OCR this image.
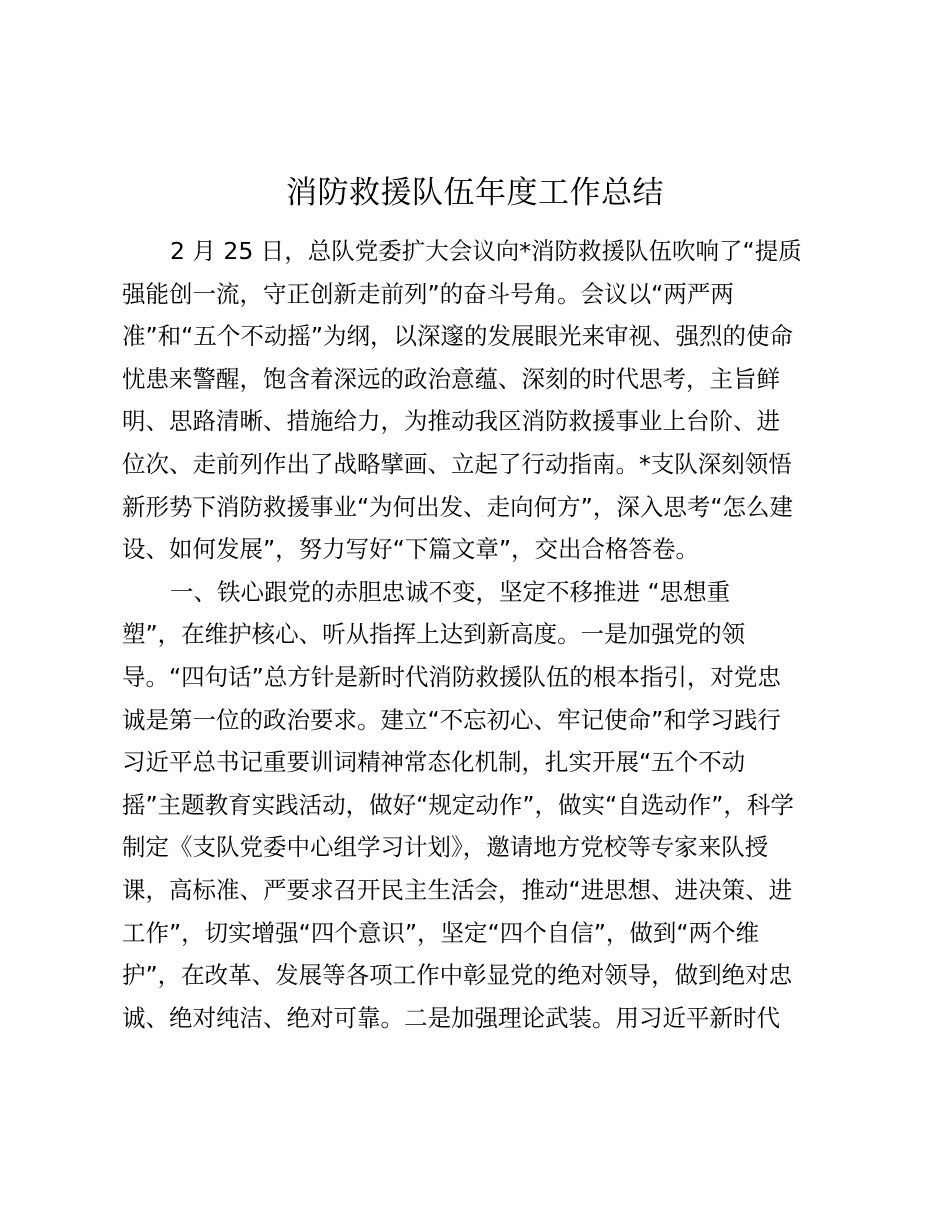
消防救援队伍年度工作总结

2 月 25 日，总队党委扩大会议向*消防救援队伍吹响了“提质
强能创一流，守正创新走前列”的奋斗号角。会议以“两严两
准”和“五个不动摇”为纲，以深邃的发展眼光来审视、强烈的使命
忧患来警醒，饱含着深远的政治意蕴、深刻的时代思考，主旨鲜
明、思路清晰、措施给力，为推动我区消防救援事业上台阶、进
位次、走前列作出了战略擘画、立起了行动指南。*支队深刻领悟
新形势下消防救援事业“为何出发、走向何方”，深入思考“怎么建
设、如何发展”，努力写好“下篇文章”，交出合格答卷。

一、铁心跟党的赤胆忠诚不变，坚定不移推进 “思想重
塑”，在维护核心、听从指挥上达到新高度。一是加强党的领
导。“四句话”总方针是新时代消防救援队伍的根本指引，对党忠
诚是第一位的政治要求。建立“不忘初心、牢记使命”和学习践行
习近平总书记重要训词精神常态化机制，扎实开展“五个不动
摇”主题教育实践活动，做好“规定动作”，做实“自选动作”，科学
制定《支队党委中心组学习计划》，邀请地方党校等专家来队授
课，高标准、严要求召开民主生活会，推动“进思想、进决策、进
工作”，切实增强“四个意识”，坚定“四个自信”，做到“两个维
护”，在改革、发展等各项工作中彰显党的绝对领导，做到绝对忠
诚、绝对纯洁、绝对可靠。二是加强理论武装。用习近平新时代
